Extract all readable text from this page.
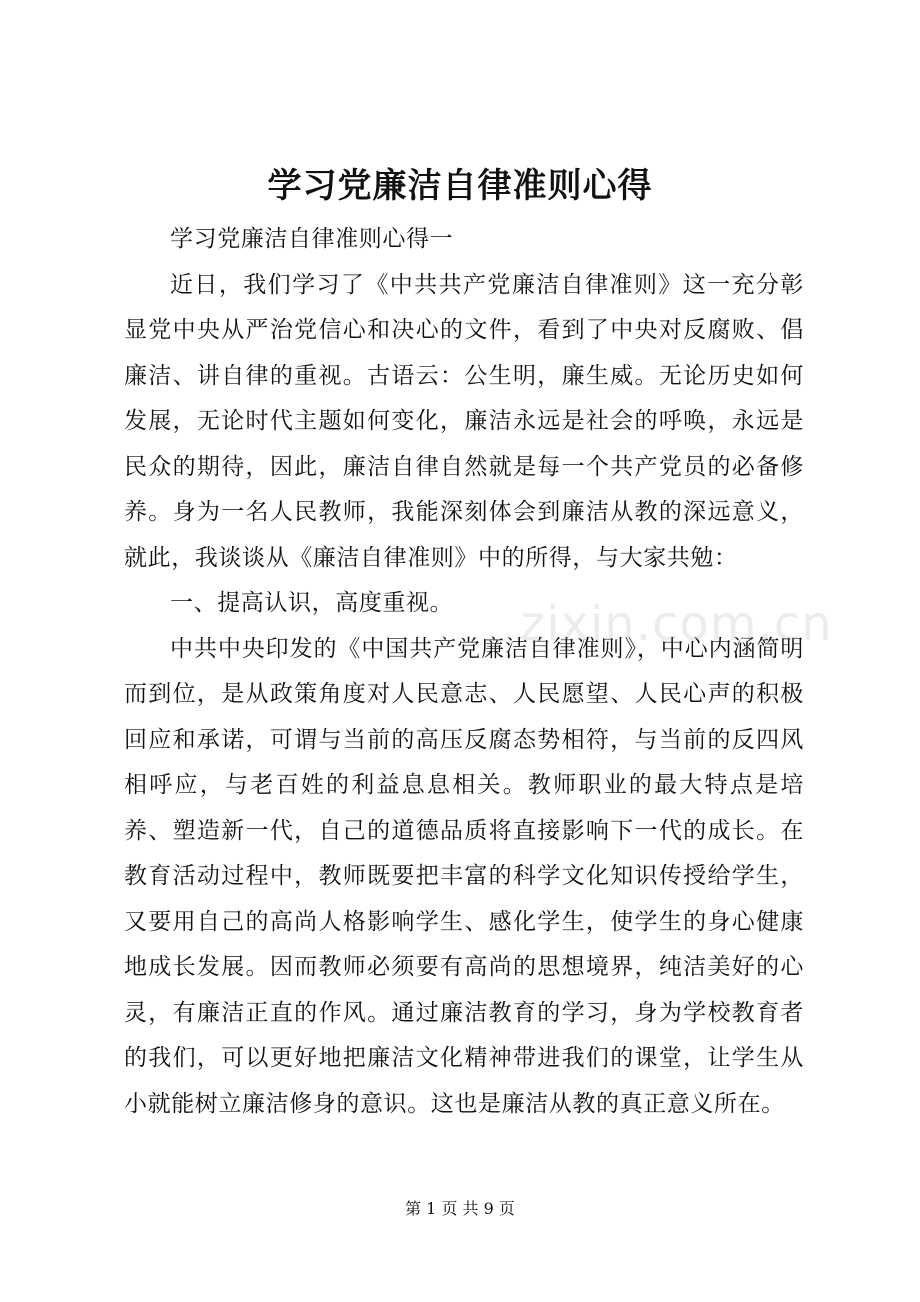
学习党廉洁自律准则心得

学习党廉洁自律准则心得一

近日，我们学习了《中共共产党廉洁自律准则》这一充分彰显党中央从严治党信心和决心的文件，看到了中央对反腐败、倡廉洁、讲自律的重视。古语云：公生明，廉生威。无论历史如何发展，无论时代主题如何变化，廉洁永远是社会的呼唤，永远是民众的期待，因此，廉洁自律自然就是每一个共产党员的必备修养。身为一名人民教师，我能深刻体会到廉洁从教的深远意义，就此，我谈谈从《廉洁自律准则》中的所得，与大家共勉：

一、提高认识，高度重视。

中共中央印发的《中国共产党廉洁自律准则》，中心内涵简明而到位，是从政策角度对人民意志、人民愿望、人民心声的积极回应和承诺，可谓与当前的高压反腐态势相符，与当前的反四风相呼应，与老百姓的利益息息相关。教师职业的最大特点是培养、塑造新一代，自己的道德品质将直接影响下一代的成长。在教育活动过程中，教师既要把丰富的科学文化知识传授给学生，又要用自己的高尚人格影响学生、感化学生，使学生的身心健康地成长发展。因而教师必须要有高尚的思想境界，纯洁美好的心灵，有廉洁正直的作风。通过廉洁教育的学习，身为学校教育者的我们，可以更好地把廉洁文化精神带进我们的课堂，让学生从小就能树立廉洁修身的意识。这也是廉洁从教的真正意义所在。

zixin.com.cn
第 1 页 共 9 页
